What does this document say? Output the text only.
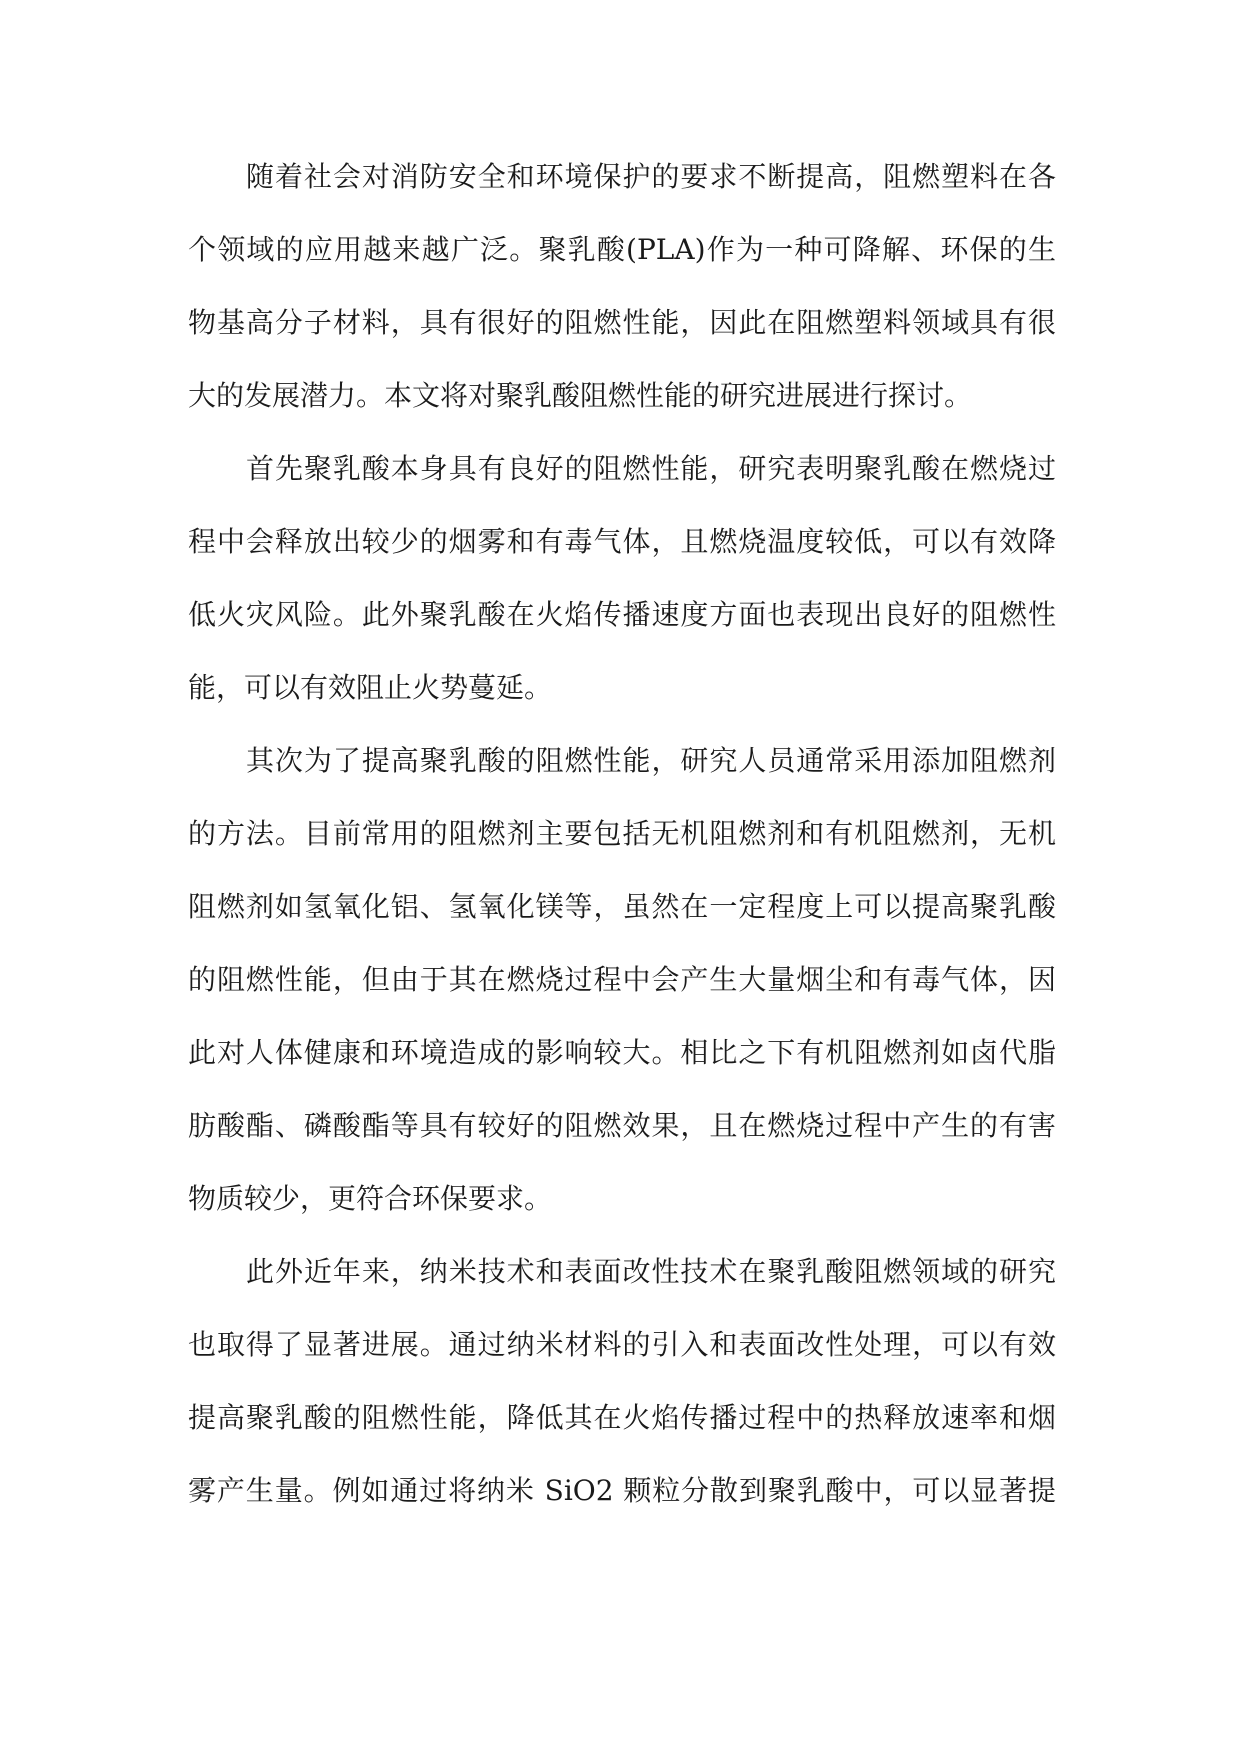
随着社会对消防安全和环境保护的要求不断提高，阻燃塑料在各
个领域的应用越来越广泛。聚乳酸(PLA)作为一种可降解、环保的生
物基高分子材料，具有很好的阻燃性能，因此在阻燃塑料领域具有很
大的发展潜力。本文将对聚乳酸阻燃性能的研究进展进行探讨。
首先聚乳酸本身具有良好的阻燃性能，研究表明聚乳酸在燃烧过
程中会释放出较少的烟雾和有毒气体，且燃烧温度较低，可以有效降
低火灾风险。此外聚乳酸在火焰传播速度方面也表现出良好的阻燃性
能，可以有效阻止火势蔓延。
其次为了提高聚乳酸的阻燃性能，研究人员通常采用添加阻燃剂
的方法。目前常用的阻燃剂主要包括无机阻燃剂和有机阻燃剂，无机
阻燃剂如氢氧化铝、氢氧化镁等，虽然在一定程度上可以提高聚乳酸
的阻燃性能，但由于其在燃烧过程中会产生大量烟尘和有毒气体，因
此对人体健康和环境造成的影响较大。相比之下有机阻燃剂如卤代脂
肪酸酯、磷酸酯等具有较好的阻燃效果，且在燃烧过程中产生的有害
物质较少，更符合环保要求。
此外近年来，纳米技术和表面改性技术在聚乳酸阻燃领域的研究
也取得了显著进展。通过纳米材料的引入和表面改性处理，可以有效
提高聚乳酸的阻燃性能，降低其在火焰传播过程中的热释放速率和烟
雾产生量。例如通过将纳米 SiO2 颗粒分散到聚乳酸中，可以显著提
